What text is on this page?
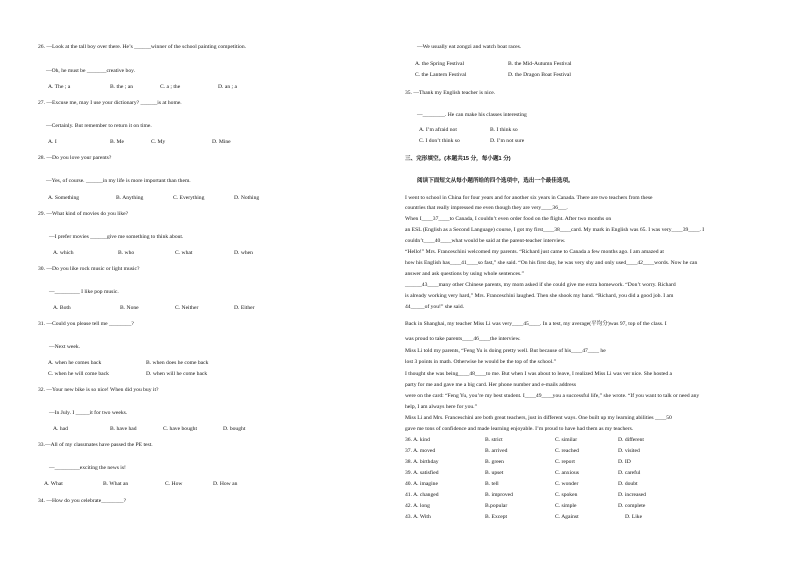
26. —Look at the tall boy over there. He’s ______winner of the school painting competition.
—Oh, he must be _______creative boy.
A. The ; a	B. the ; an	C. a ; the	D. an ; a
27. —Excuse me, may I use your dictionary? ______is at home.
—Certainly. But remember to return it on time.
A. I	B. Me	C. My	D. Mine
28. —Do you love your parents?
—Yes, of course. ______in my life is more important than them.
A. Something	B. Anything	C. Everything	D. Nothing
29. —What kind of movies do you like?
—I prefer movies ______give me something to think about.
A. which	B. who	C. what	D. when
30. —Do you like rock music or light music?
—_________ I like pop music.
A. Both	B. None	C. Neither	D. Either
31. —Could you please tell me ________?
—Next week.
A. when he comes back	B. when does he come back
C. when he will come back	D. when will he come back
32. —Your new bike is so nice! When did you buy it?
—In July. I _____it for two weeks.
A. had	B. have had	C. have bought	D. bought
33.—All of my classmates have passed the PE test.
—_________exciting the news is!
A. What	B. What an	C. How	D. How an
34. —How do you celebrate________?
—We usually eat zongzi and watch boat races.
A. the Spring Festival	B. the Mid-Autumn Festival
C. the Lantern Festival	D. the Dragon Boat Festival
35. —Thank my English teacher is nice.
—________. He can make his classes interesting
A. I’m afraid not	B. I think so
C. I don’t think so	D. I’m not sure
三、完形填空。(本题共15 分，每小题1 分)
阅读下面短文从每小题所给的四个选项中，选出一个最佳选项。
I went to school in China for four years and for another six years in Canada. There are two teachers from these
countries that really impressed me even though they are very____36___.
When I____37____to Canada, I couldn’t even order food on the flight. After two months on
an ESL (English as a Second Language) course, I got my first____38____card. My mark in English was 65. I was very____39____. I
couldn’t____40____what would be said at the parent-teacher interview.
“Hello!” Mrs. Franceschini welcomed my parents. “Richard just came to Canada a few months ago. I am amazed at
how his English has____41____so fast,” she said. “On his first day, he was very shy and only used____42____words. Now he can
answer and ask questions by using whole sentences.”
______43____many other Chinese parents, my mom asked if she could give me extra homework. “Don’t worry. Richard
is already working very hard,” Mrs. Franceschini laughed. Then she shook my hand. “Richard, you did a good job. I am
44_____of you!” she said.
Back in Shanghai, my teacher Miss Li was very____45____. In a test, my average(平均分)was 97, top of the class. I
was proud to take parents____46____the interview.
Miss Li told my parents, “Feng Yu is doing pretty well. But because of his____47____ he
lost 3 points in math. Otherwise he would be the top of the school.”
I thought she was being____48____to me. But when I was about to leave, I realized Miss Li was ver nice. She hosted a
party for me and gave me a big card. Her phone number and e-mails address
were on the card: “Feng Yu, you’re my best student. I____49____you a successful life,” she wrote. “If you want to talk or need any
help, I am always here for you.”
Miss Li and Mrs. Franceschini are both great teachers, just in different ways. One built up my learning abilities ____50
gave me tons of confidence and made learning enjoyable. I’m proud to have had them as my teachers.
36. A. kind	B. strict	C. similar	D. different
37. A. moved	B. arrived	C. reached	D. visited
38. A. birthday	B. green	C. report	D. ID
39. A. satisfied	B. upset	C. anxious	D. careful
40. A. imagine	B. tell	C. wonder	D. doubt
41. A. changed	B. improved	C. spoken	D. increased
42. A. long	B.popular	C. simple	D. complete
43. A. With	B. Except	C. Against	D. Like
